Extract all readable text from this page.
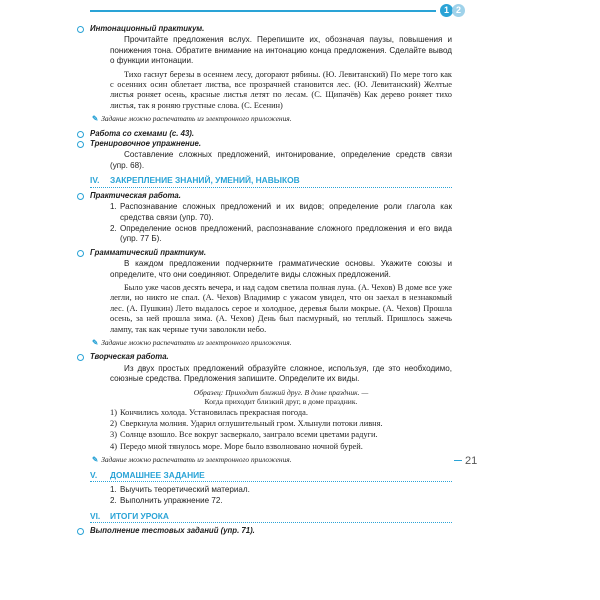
1 2
21

Интонационный практикум.

Прочитайте предложения вслух. Перепишите их, обозначая паузы, повышения и понижения тона. Обратите внимание на интонацию конца предложения. Сделайте вывод о функции интонации.

Тихо гаснут березы в осеннем лесу, догорают рябины. (Ю. Левитанский) По мере того как с осенних осин облетает листва, все прозрачней становится лес. (Ю. Левитанский) Желтые листья роняет осень, красные листья летят по лесам. (С. Щипачёв) Как дерево роняет тихо листья, так я роняю грустные слова. (С. Есенин)

✎ Задание можно распечатать из электронного приложения.

Работа со схемами (с. 43).

Тренировочное упражнение.

Составление сложных предложений, интонирование, определение средств связи (упр. 68).

IV.	ЗАКРЕПЛЕНИЕ ЗНАНИЙ, УМЕНИЙ, НАВЫКОВ

Практическая работа.

1. Распознавание сложных предложений и их видов; определение роли глагола как средства связи (упр. 70).
2. Определение основ предложений, распознавание сложного предложения и его вида (упр. 77 Б).

Грамматический практикум.

В каждом предложении подчеркните грамматические основы. Укажите союзы и определите, что они соединяют. Определите виды сложных предложений.

Было уже часов десять вечера, и над садом светила полная луна. (А. Чехов) В доме все уже легли, но никто не спал. (А. Чехов) Владимир с ужасом увидел, что он заехал в незнакомый лес. (А. Пушкин) Лето выдалось серое и холодное, деревья были мокрые. (А. Чехов) Прошла осень, за ней прошла зима. (А. Чехов) День был пасмурный, но теплый. Пришлось зажечь лампу, так как черные тучи заволокли небо.

✎ Задание можно распечатать из электронного приложения.

Творческая работа.

Из двух простых предложений образуйте сложное, используя, где это необходимо, союзные средства. Предложения запишите. Определите их виды.

Образец: Приходит близкий друг. В доме праздник. —
Когда приходит близкий друг, в доме праздник.
1) Кончились холода. Установилась прекрасная погода.
2) Сверкнула молния. Ударил оглушительный гром. Хлынули потоки ливня.
3) Солнце взошло. Все вокруг засверкало, заиграло всеми цветами радуги.
4) Передо мной тянулось море. Море было взволновано ночной бурей.

✎ Задание можно распечатать из электронного приложения.

V.	ДОМАШНЕЕ ЗАДАНИЕ
1. Выучить теоретический материал.
2. Выполнить упражнение 72.
VI.	ИТОГИ УРОКА

Выполнение тестовых заданий (упр. 71).
